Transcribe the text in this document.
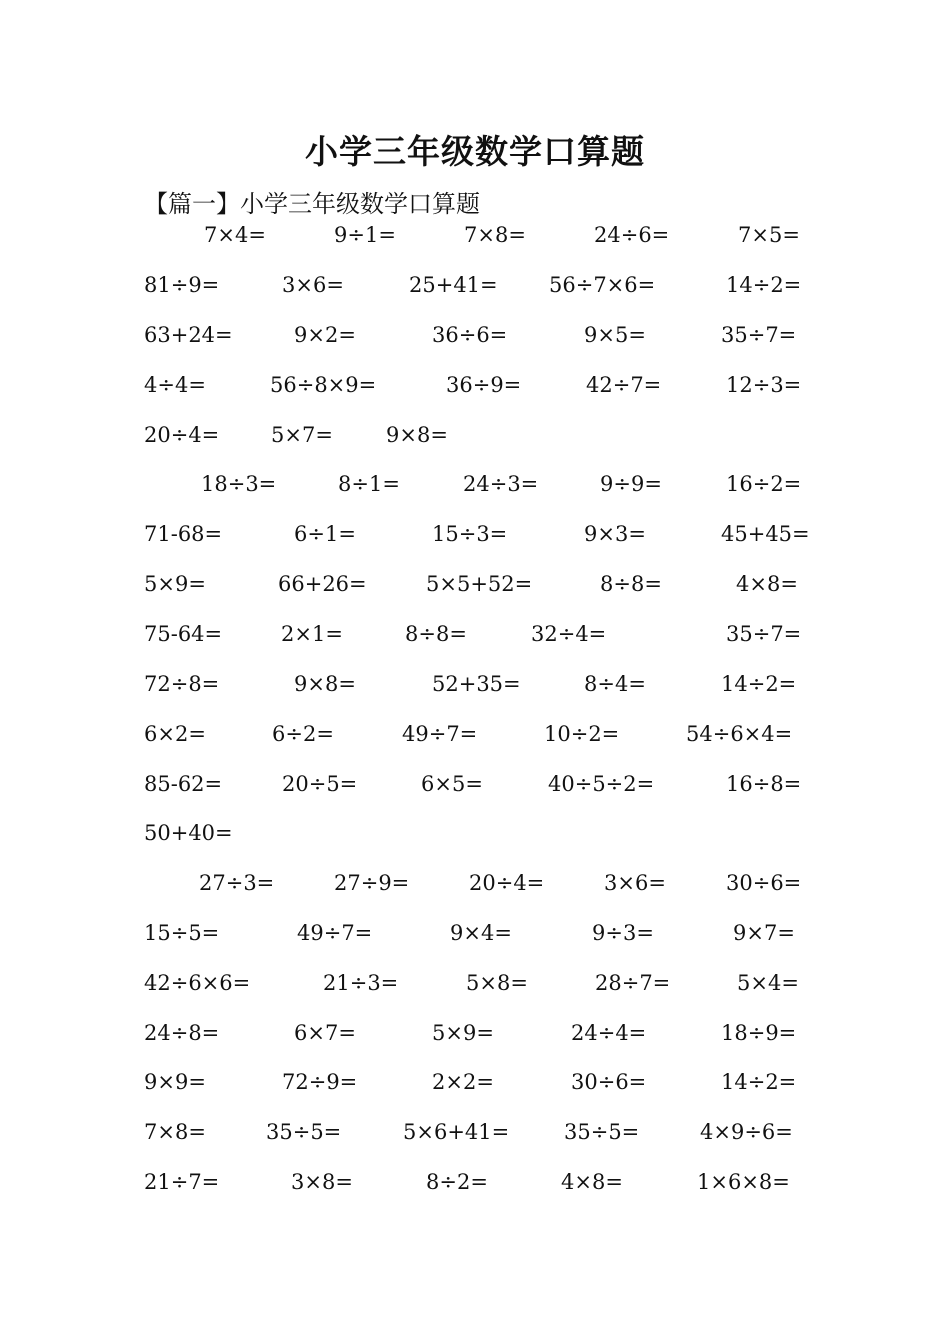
小学三年级数学口算题
【篇一】小学三年级数学口算题
7×4=	9÷1=	7×8=	24÷6=	7×5=
81÷9=	3×6=	25+41= 56÷7×6=	14÷2=
63+24=	9×2=	36÷6=	9×5=	35÷7=
4÷4=	56÷8×9=	36÷9=	42÷7=	12÷3=
20÷4= 5×7=	9×8=
18÷3=	8÷1=	24÷3=	9÷9=	16÷2=
71-68=	6÷1=	15÷3=	9×3=	45+45=
5×9=	66+26=	5×5+52=	8÷8=	4×8=
75-64=	2×1=	8÷8=	32÷4=	35÷7=
72÷8=	9×8=	52+35=	8÷4=	14÷2=
6×2=	6÷2=	49÷7=	10÷2=	54÷6×4=
85-62=	20÷5=	6×5=	40÷5÷2=	16÷8=
50+40=
27÷3=	27÷9=	20÷4=	3×6=	30÷6=
15÷5=	49÷7=	9×4=	9÷3=	9×7=
42÷6×6=	21÷3=	5×8=	28÷7=	5×4=
24÷8=	6×7=	5×9=	24÷4=	18÷9=
9×9=	72÷9=	2×2=	30÷6=	14÷2=
7×8=	35÷5=	5×6+41=	35÷5=	4×9÷6=
21÷7=	3×8=	8÷2=	4×8=	1×6×8=
